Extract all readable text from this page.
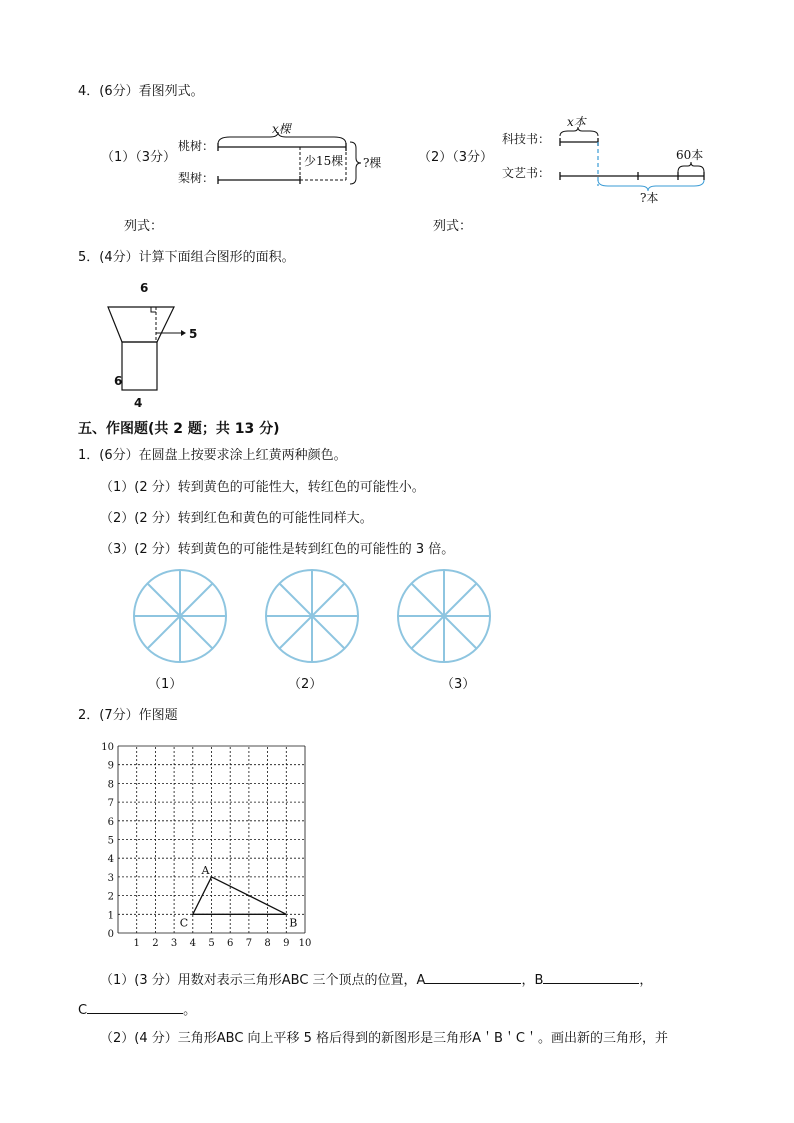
4．(6分）看图列式。
（1）（3分）
桃树：
梨树：
x棵
少15棵 ?棵	（2）（3分）
科技书：
文艺书：
x本
60本
?本
列式：	列式：
5．(4分）计算下面组合图形的面积。
6
5
6
4
五、作图题(共 2 题；共 13 分)
1．(6分）在圆盘上按要求涂上红黄两种颜色。
（1）(2 分）转到黄色的可能性大，转红色的可能性小。
（2）(2 分）转到红色和黄色的可能性同样大。
（3）(2 分）转到黄色的可能性是转到红色的可能性的 3 倍。
（1）	（2）	（3）
2．(7分）作图题
10
9
8
7
6
5
4
3
2
1
0
1 2 3 4 5 6 7 8 9 10
A
B
C
（1）(3 分）用数对表示三角形ABC 三个顶点的位置，A	，B	，
C	。
（2）(4 分）三角形ABC 向上平移 5 格后得到的新图形是三角形A＇B＇C＇。画出新的三角形，并
